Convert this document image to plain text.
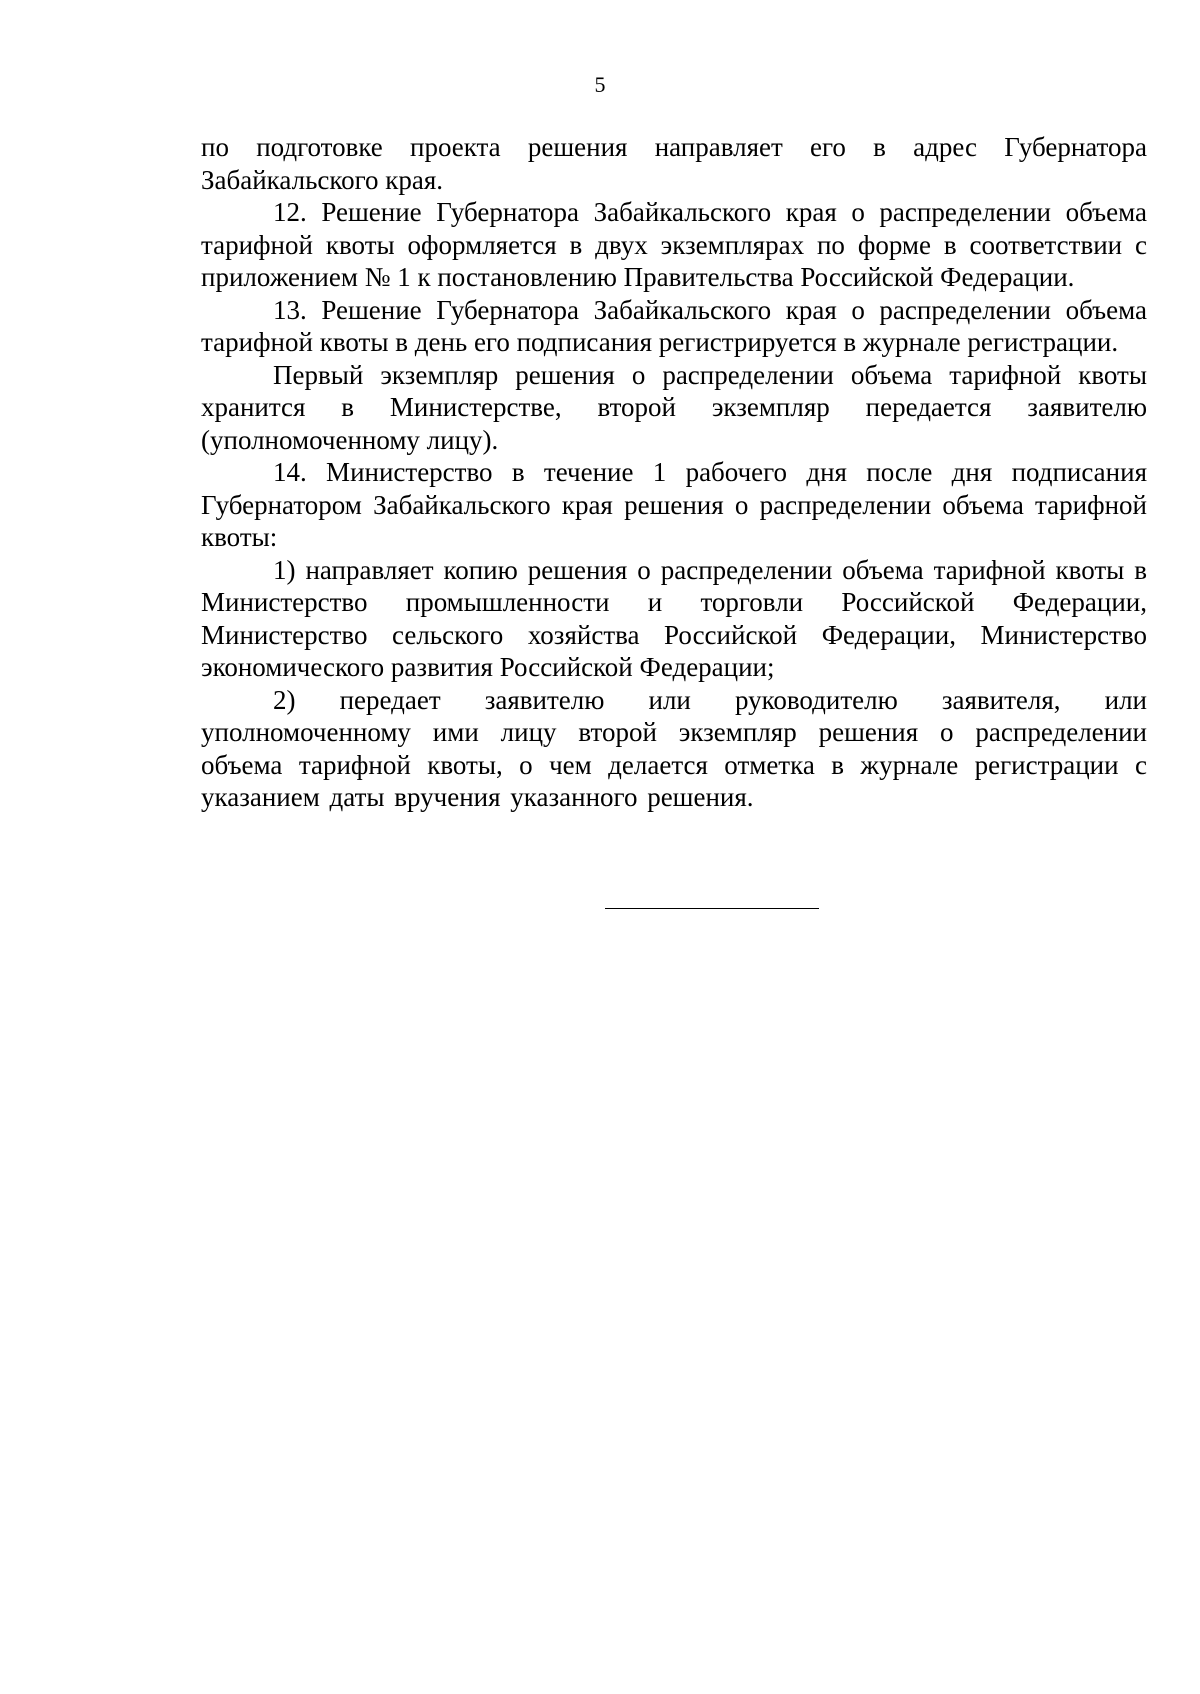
5

по подготовке проекта решения направляет его в адрес Губернатора Забайкальского края.

12. Решение Губернатора Забайкальского края о распределении объема тарифной квоты оформляется в двух экземплярах по форме в соответствии с приложением № 1 к постановлению Правительства Российской Федерации.

13. Решение Губернатора Забайкальского края о распределении объема тарифной квоты в день его подписания регистрируется в журнале регистрации.

Первый экземпляр решения о распределении объема тарифной квоты хранится в Министерстве, второй экземпляр передается заявителю (уполномоченному лицу).

14. Министерство в течение 1 рабочего дня после дня подписания Губернатором Забайкальского края решения о распределении объема тарифной квоты:

1) направляет копию решения о распределении объема тарифной квоты в Министерство промышленности и торговли Российской Федерации, Министерство сельского хозяйства Российской Федерации, Министерство экономического развития Российской Федерации;

2) передает заявителю или руководителю заявителя, или уполномоченному ими лицу второй экземпляр решения о распределении объема тарифной квоты, о чем делается отметка в журнале регистрации с указанием даты вручения указанного решения.
